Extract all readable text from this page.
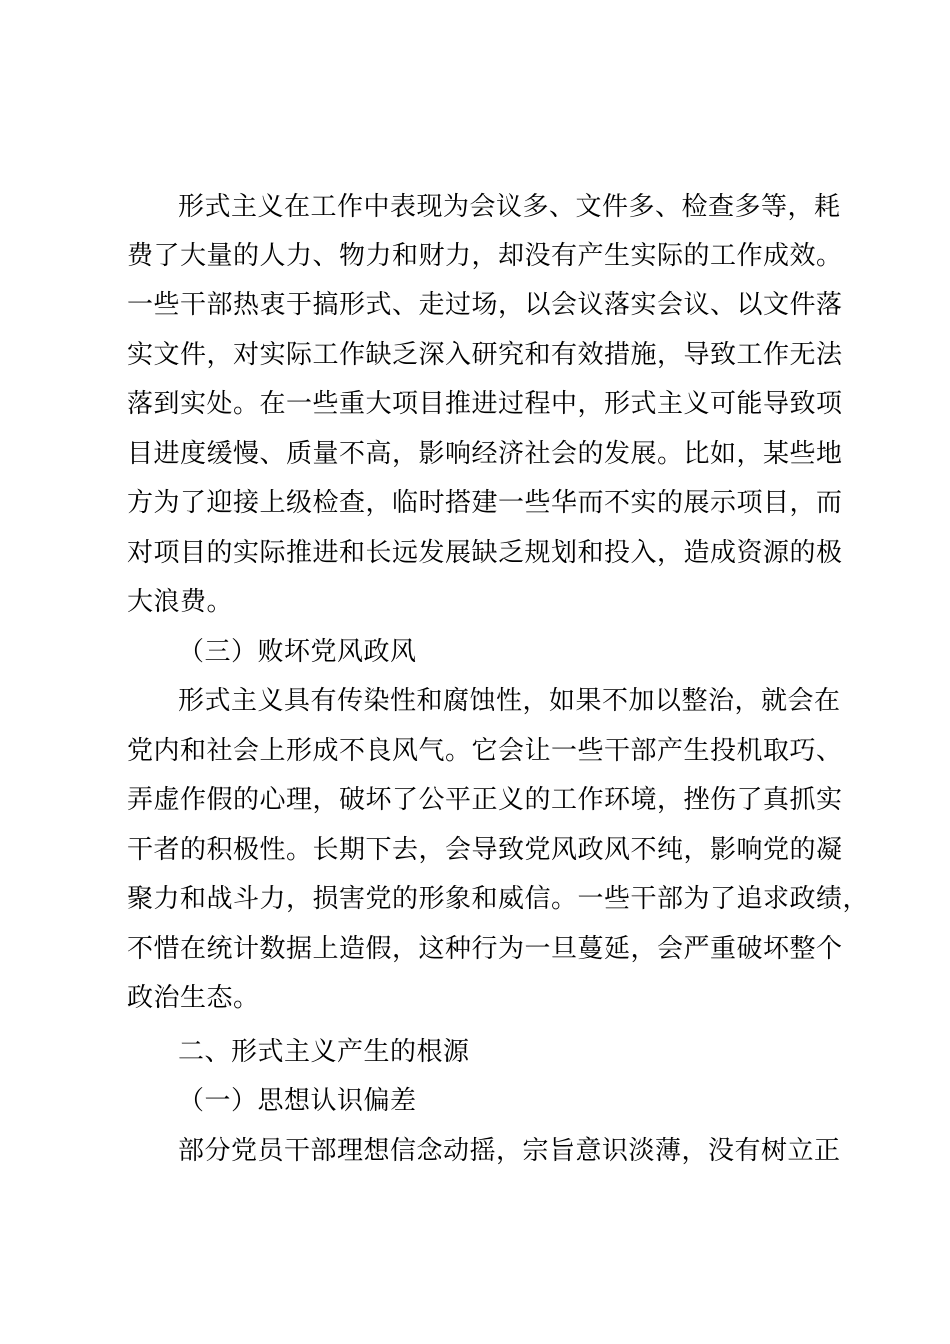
形式主义在工作中表现为会议多、文件多、检查多等，耗
费了大量的人力、物力和财力，却没有产生实际的工作成效。
一些干部热衷于搞形式、走过场，以会议落实会议、以文件落
实文件，对实际工作缺乏深入研究和有效措施，导致工作无法
落到实处。在一些重大项目推进过程中，形式主义可能导致项
目进度缓慢、质量不高，影响经济社会的发展。比如，某些地
方为了迎接上级检查，临时搭建一些华而不实的展示项目，而
对项目的实际推进和长远发展缺乏规划和投入，造成资源的极
大浪费。
（三）败坏党风政风
形式主义具有传染性和腐蚀性，如果不加以整治，就会在
党内和社会上形成不良风气。它会让一些干部产生投机取巧、
弄虚作假的心理，破坏了公平正义的工作环境，挫伤了真抓实
干者的积极性。长期下去，会导致党风政风不纯，影响党的凝
聚力和战斗力，损害党的形象和威信。一些干部为了追求政绩，
不惜在统计数据上造假，这种行为一旦蔓延，会严重破坏整个
政治生态。
二、形式主义产生的根源
（一）思想认识偏差
部分党员干部理想信念动摇，宗旨意识淡薄，没有树立正
